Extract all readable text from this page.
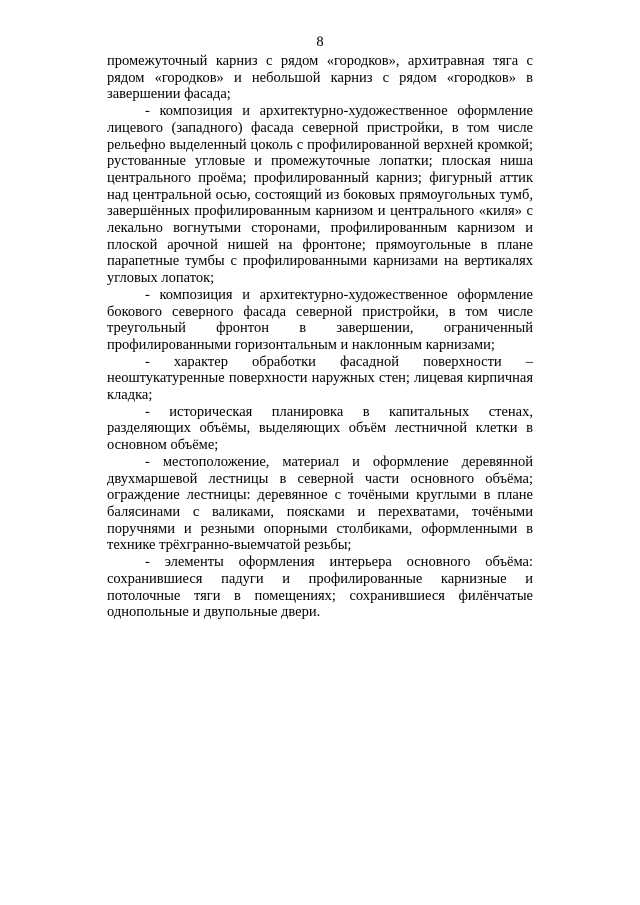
8

промежуточный карниз с рядом «городков», архитравная тяга с рядом «городков» и небольшой карниз с рядом «городков» в завершении фасада;

- композиция и архитектурно-художественное оформление лицевого (западного) фасада северной пристройки, в том числе рельефно выделенный цоколь с профилированной верхней кромкой; рустованные угловые и промежуточные лопатки; плоская ниша центрального проёма; профилированный карниз; фигурный аттик над центральной осью, состоящий из боковых прямоугольных тумб, завершённых профилированным карнизом и центрального «киля» с лекально вогнутыми сторонами, профилированным карнизом и плоской арочной нишей на фронтоне; прямоугольные в плане парапетные тумбы с профилированными карнизами на вертикалях угловых лопаток;

- композиция и архитектурно-художественное оформление бокового северного фасада северной пристройки, в том числе треугольный фронтон в завершении, ограниченный профилированными горизонтальным и наклонным карнизами;

- характер обработки фасадной поверхности – неоштукатуренные поверхности наружных стен; лицевая кирпичная кладка;

- историческая планировка в капитальных стенах, разделяющих объёмы, выделяющих объём лестничной клетки в основном объёме;

- местоположение, материал и оформление деревянной двухмаршевой лестницы в северной части основного объёма; ограждение лестницы: деревянное с точёными круглыми в плане балясинами с валиками, поясками и перехватами, точёными поручнями и резными опорными столбиками, оформленными в технике трёхгранно-выемчатой резьбы;

- элементы оформления интерьера основного объёма: сохранившиеся падуги и профилированные карнизные и потолочные тяги в помещениях; сохранившиеся филёнчатые однопольные и двупольные двери.
